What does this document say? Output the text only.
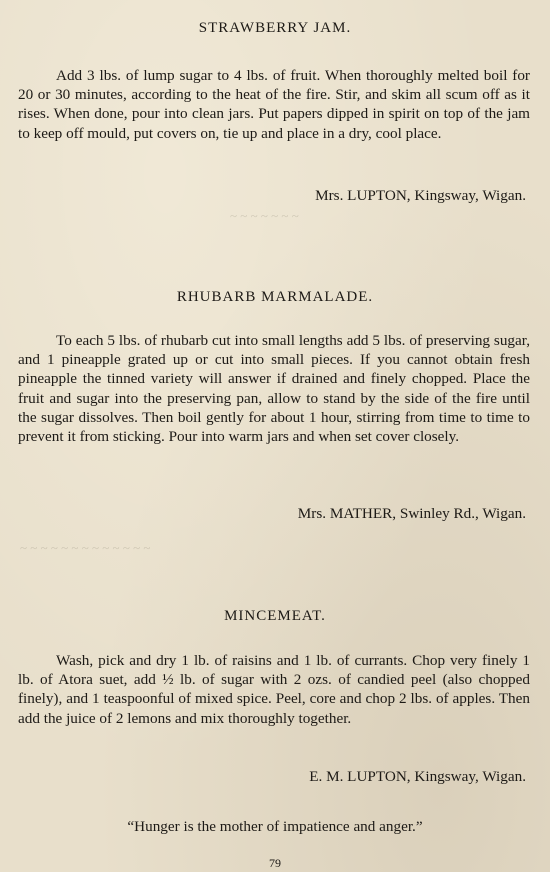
~ ~ ~ ~ ~ ~ ~
~ ~ ~ ~ ~ ~ ~ ~ ~ ~ ~ ~ ~
STRAWBERRY JAM.

Add 3 lbs. of lump sugar to 4 lbs. of fruit. When thoroughly melted boil for 20 or 30 minutes, according to the heat of the fire. Stir, and skim all scum off as it rises. When done, pour into clean jars. Put papers dipped in spirit on top of the jam to keep off mould, put covers on, tie up and place in a dry, cool place.

Mrs. LUPTON, Kingsway, Wigan.
RHUBARB MARMALADE.

To each 5 lbs. of rhubarb cut into small lengths add 5 lbs. of preserving sugar, and 1 pineapple grated up or cut into small pieces. If you cannot obtain fresh pineapple the tinned variety will answer if drained and finely chopped. Place the fruit and sugar into the preserving pan, allow to stand by the side of the fire until the sugar dissolves. Then boil gently for about 1 hour, stirring from time to time to prevent it from sticking. Pour into warm jars and when set cover closely.

Mrs. MATHER, Swinley Rd., Wigan.
MINCEMEAT.

Wash, pick and dry 1 lb. of raisins and 1 lb. of currants. Chop very finely 1 lb. of Atora suet, add ½ lb. of sugar with 2 ozs. of candied peel (also chopped finely), and 1 teaspoonful of mixed spice. Peel, core and chop 2 lbs. of apples. Then add the juice of 2 lemons and mix thoroughly together.

E. M. LUPTON, Kingsway, Wigan.
“Hunger is the mother of impatience and anger.”
79
